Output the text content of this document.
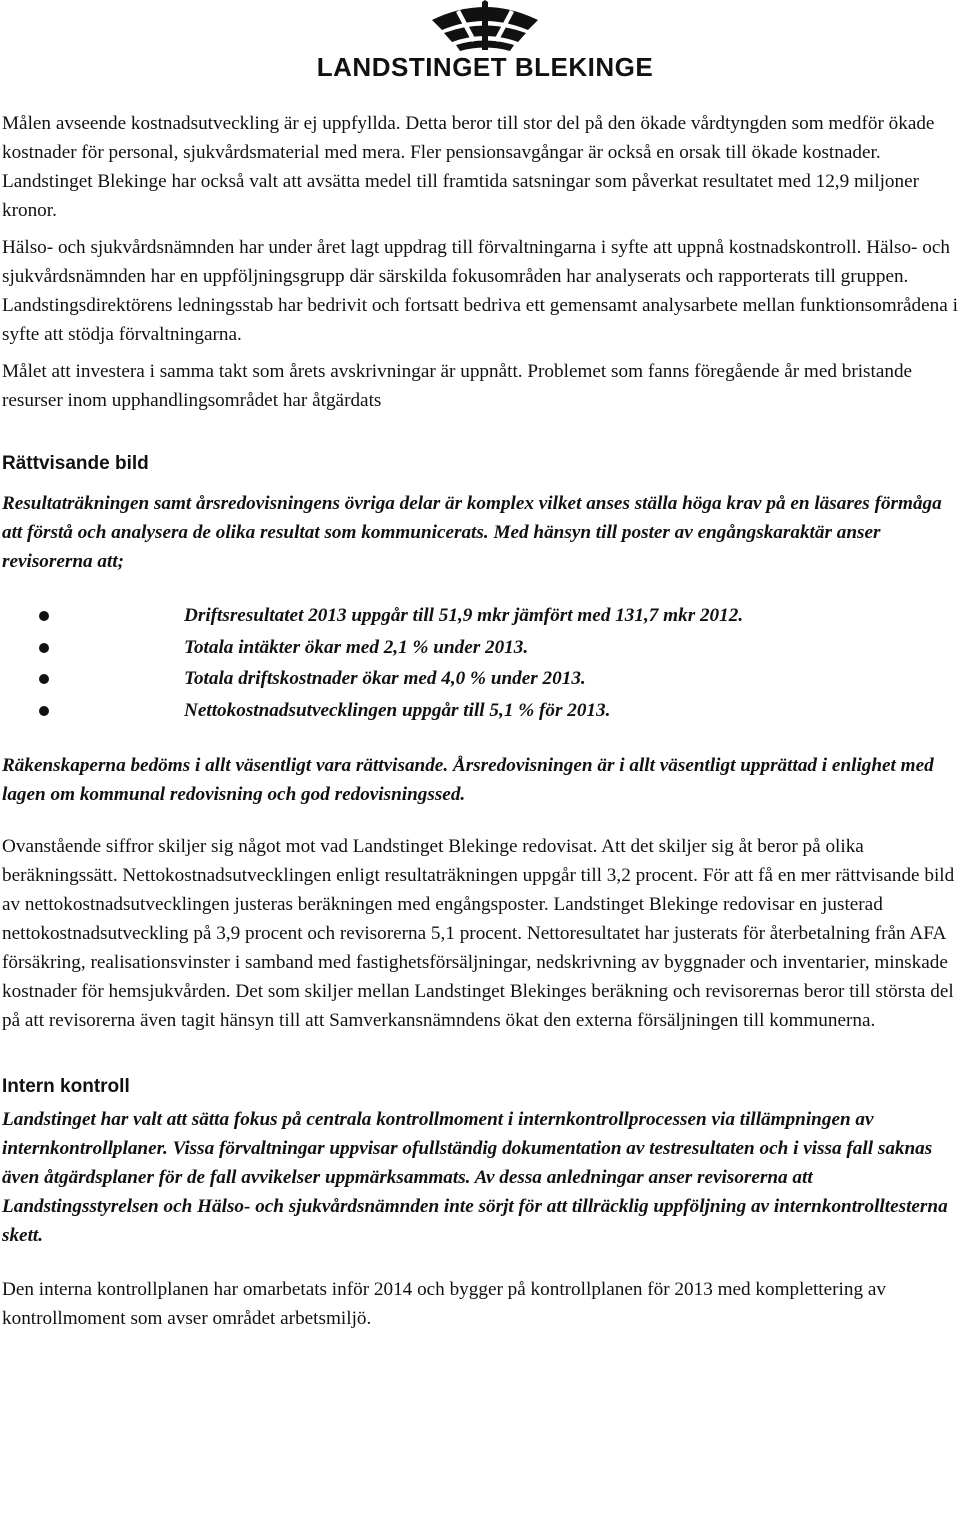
LANDSTINGET BLEKINGE

Målen avseende kostnadsutveckling är ej uppfyllda. Detta beror till stor del på den ökade vårdtyngden som medför ökade kostnader för personal, sjukvårdsmaterial med mera. Fler pensionsavgångar är också en orsak till ökade kostnader. Landstinget Blekinge har också valt att avsätta medel till framtida satsningar som påverkat resultatet med 12,9 miljoner kronor.

Hälso- och sjukvårdsnämnden har under året lagt uppdrag till förvaltningarna i syfte att uppnå kostnadskontroll. Hälso- och sjukvårdsnämnden har en uppföljningsgrupp där särskilda fokusområden har analyserats och rapporterats till gruppen. Landstingsdirektörens ledningsstab har bedrivit och fortsatt bedriva ett gemensamt analysarbete mellan funktionsområdena i syfte att stödja förvaltningarna.

Målet att investera i samma takt som årets avskrivningar är uppnått. Problemet som fanns föregående år med bristande resurser inom upphandlingsområdet har åtgärdats

Rättvisande bild

Resultaträkningen samt årsredovisningens övriga delar är komplex vilket anses ställa höga krav på en läsares förmåga att förstå och analysera de olika resultat som kommunicerats. Med hänsyn till poster av engångskaraktär anser revisorerna att;

Driftsresultatet 2013 uppgår till 51,9 mkr jämfört med 131,7 mkr 2012.
Totala intäkter ökar med 2,1 % under 2013.
Totala driftskostnader ökar med 4,0 % under 2013.
Nettokostnadsutvecklingen uppgår till 5,1 % för 2013.

Räkenskaperna bedöms i allt väsentligt vara rättvisande. Årsredovisningen är i allt väsentligt upprättad i enlighet med lagen om kommunal redovisning och god redovisningssed.

Ovanstående siffror skiljer sig något mot vad Landstinget Blekinge redovisat. Att det skiljer sig åt beror på olika beräkningssätt. Nettokostnadsutvecklingen enligt resultaträkningen uppgår till 3,2 procent. För att få en mer rättvisande bild av nettokostnadsutvecklingen justeras beräkningen med engångsposter. Landstinget Blekinge redovisar en justerad nettokostnadsutveckling på 3,9 procent och revisorerna 5,1 procent. Nettoresultatet har justerats för återbetalning från AFA försäkring, realisationsvinster i samband med fastighetsförsäljningar, nedskrivning av byggnader och inventarier, minskade kostnader för hemsjukvården. Det som skiljer mellan Landstinget Blekinges beräkning och revisorernas beror till största del på att revisorerna även tagit hänsyn till att Samverkansnämndens ökat den externa försäljningen till kommunerna.

Intern kontroll

Landstinget har valt att sätta fokus på centrala kontrollmoment i internkontrollprocessen via tillämpningen av internkontrollplaner. Vissa förvaltningar uppvisar ofullständig dokumentation av testresultaten och i vissa fall saknas även åtgärdsplaner för de fall avvikelser uppmärksammats. Av dessa anledningar anser revisorerna att Landstingsstyrelsen och Hälso- och sjukvårdsnämnden inte sörjt för att tillräcklig uppföljning av internkontrolltesterna skett.

Den interna kontrollplanen har omarbetats inför 2014 och bygger på kontrollplanen för 2013 med komplettering av kontrollmoment som avser området arbetsmiljö.
